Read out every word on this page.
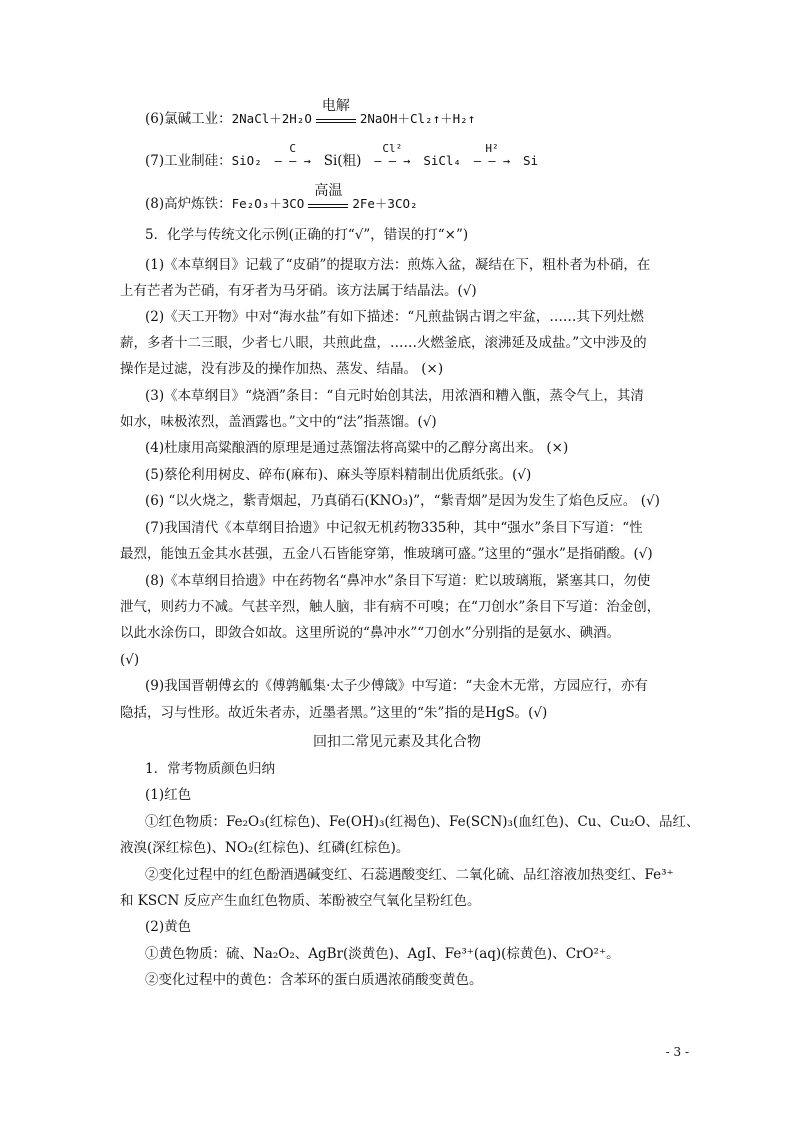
(6)氯碱工业：2NaCl＋2H₂O
电解
2NaOH＋Cl₂↑＋H₂↑
(7)工业制硅：SiO₂
C
— — → Si(粗)
Cl²
— — → SiCl₄
H²
— — → Si
(8)高炉炼铁：Fe₂O₃＋3CO
高温
2Fe＋3CO₂
5．化学与传统文化示例(正确的打“√”，错误的打“×”)
(1)《本草纲目》记载了“皮硝”的提取方法：煎炼入盆，凝结在下，粗朴者为朴硝，在
上有芒者为芒硝，有牙者为马牙硝。该方法属于结晶法。(√)
(2)《天工开物》中对“海水盐”有如下描述：“凡煎盐锅古谓之牢盆，……其下列灶燃
薪，多者十二三眼，少者七八眼，共煎此盘，……火燃釜底，滚沸延及成盐。”文中涉及的
操作是过滤，没有涉及的操作加热、蒸发、结晶。 (×)
(3)《本草纲目》“烧酒”条目：“自元时始创其法，用浓酒和糟入甑，蒸令气上，其清
如水，味极浓烈，盖酒露也。”文中的“法”指蒸馏。(√)
(4)杜康用高粱酿酒的原理是通过蒸馏法将高粱中的乙醇分离出来。 (×)
(5)蔡伦利用树皮、碎布(麻布)、麻头等原料精制出优质纸张。(√)
(6) “以火烧之，紫青烟起，乃真硝石(KNO₃)”，“紫青烟”是因为发生了焰色反应。 (√)
(7)我国清代《本草纲目拾遗》中记叙无机药物335种，其中“强水”条目下写道：“性
最烈，能蚀五金其水甚强，五金八石皆能穿第，惟玻璃可盛。”这里的“强水”是指硝酸。(√)
(8)《本草纲目拾遗》中在药物名“鼻冲水”条目下写道：贮以玻璃瓶，紧塞其口，勿使
泄气，则药力不减。气甚辛烈，触人脑，非有病不可嗅；在“刀创水”条目下写道：治金创，
以此水涂伤口，即敛合如故。这里所说的“鼻冲水”“刀创水”分别指的是氨水、碘酒。
(√)
(9)我国晋朝傅玄的《傅鹑觚集·太子少傅箴》中写道：“夫金木无常，方园应行，亦有
隐括，习与性形。故近朱者赤，近墨者黑。”这里的“朱”指的是HgS。(√)
回扣二常见元素及其化合物
1．常考物质颜色归纳
(1)红色
①红色物质：Fe₂O₃(红棕色)、Fe(OH)₃(红褐色)、Fe(SCN)₃(血红色)、Cu、Cu₂O、品红、
液溴(深红棕色)、NO₂(红棕色)、红磷(红棕色)。
②变化过程中的红色酚酒遇碱变红、石蕊遇酸变红、二氧化硫、品红溶液加热变红、Fe³⁺
和 KSCN 反应产生血红色物质、苯酚被空气氧化呈粉红色。
(2)黄色
①黄色物质：硫、Na₂O₂、AgBr(淡黄色)、AgI、Fe³⁺(aq)(棕黄色)、CrO²⁺。
②变化过程中的黄色：含苯环的蛋白质遇浓硝酸变黄色。
- 3 -
